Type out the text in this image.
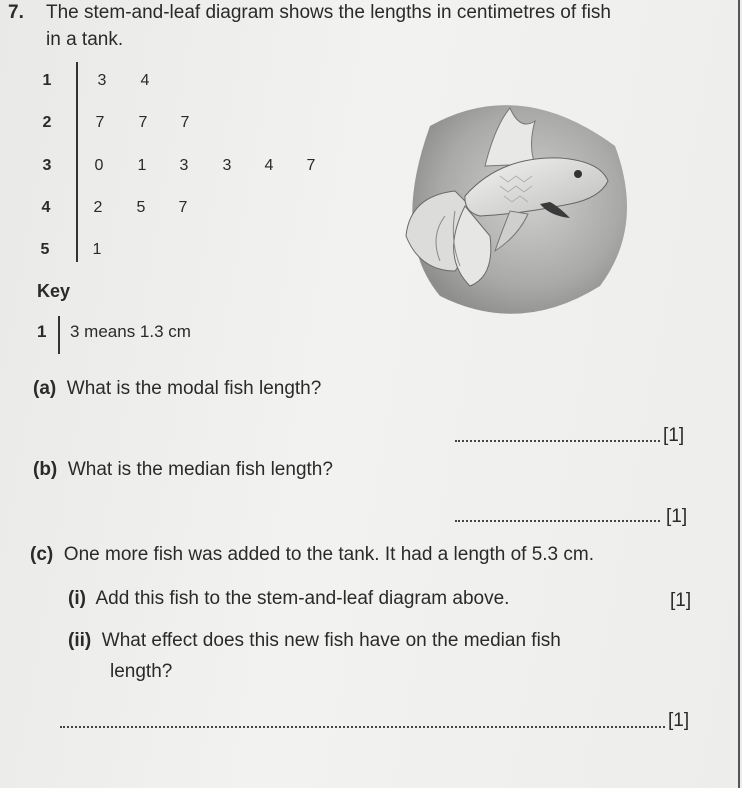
7. The stem-and-leaf diagram shows the lengths in centimetres of fish
in a tank.
1	3	4
2	7	7	7
3	0	1	3	3	4	7
4	2	5	7
5	1
Key
1 3 means 1.3 cm
(a) What is the modal fish length?
[1]
(b) What is the median fish length?
[1]
(c) One more fish was added to the tank. It had a length of 5.3 cm.
(i) Add this fish to the stem-and-leaf diagram above.	[1]
(ii) What effect does this new fish have on the median fish
length?
[1]
